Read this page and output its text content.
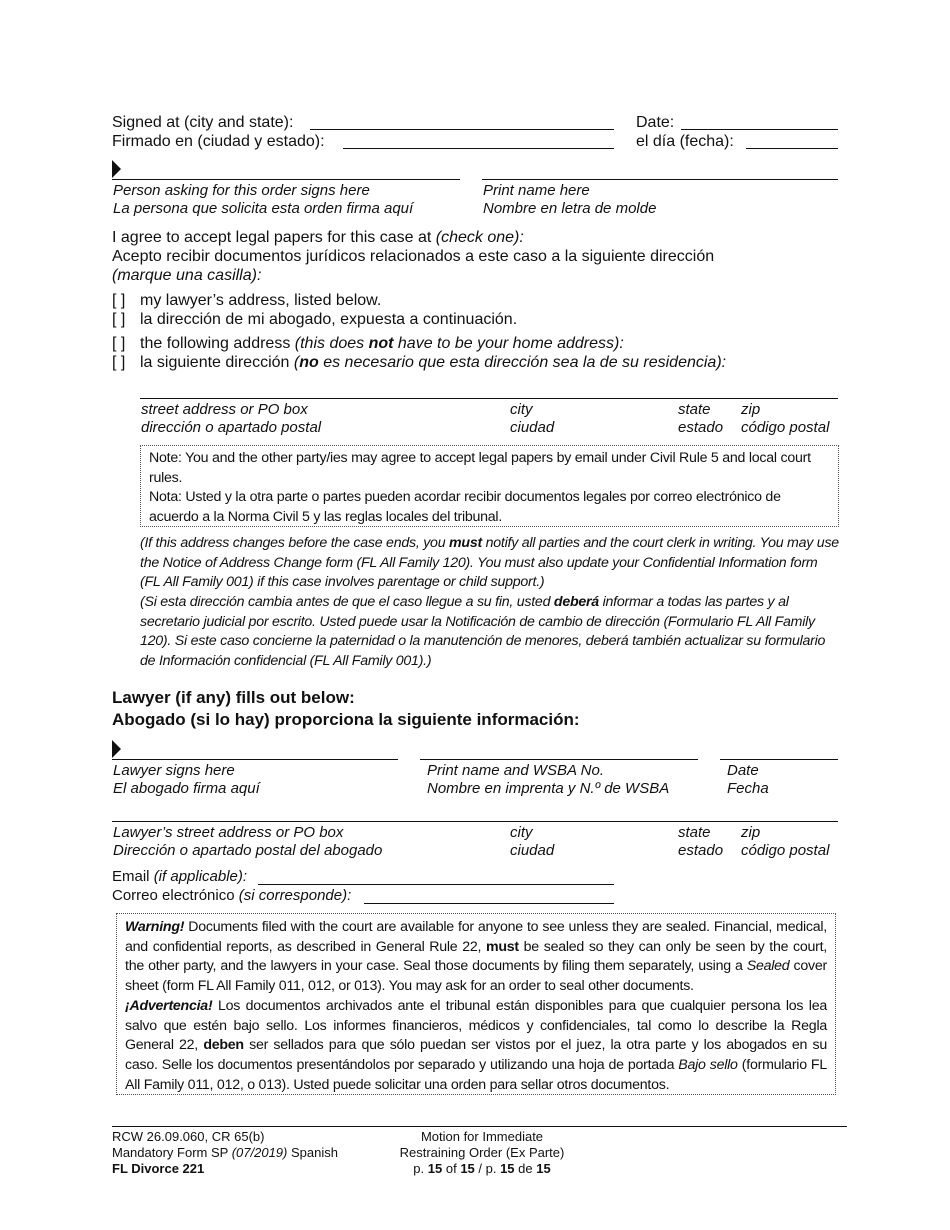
Signed at (city and state):
Firmado en (ciudad y estado):
Date:
el día (fecha):
Person asking for this order signs here
La persona que solicita esta orden firma aquí
Print name here
Nombre en letra de molde
I agree to accept legal papers for this case at (check one):
Acepto recibir documentos jurídicos relacionados a este caso a la siguiente dirección
(marque una casilla):
[ ] my lawyer’s address, listed below.
[ ] la dirección de mi abogado, expuesta a continuación.
[ ] the following address (this does not have to be your home address):
[ ] la siguiente dirección (no es necesario que esta dirección sea la de su residencia):
street address or PO box
dirección o apartado postal
city
ciudad
state
estado
zip
código postal
Note: You and the other party/ies may agree to accept legal papers by email under Civil Rule 5 and local court rules.
Nota: Usted y la otra parte o partes pueden acordar recibir documentos legales por correo electrónico de acuerdo a la Norma Civil 5 y las reglas locales del tribunal.
(If this address changes before the case ends, you must notify all parties and the court clerk in writing. You may use the Notice of Address Change form (FL All Family 120). You must also update your Confidential Information form (FL All Family 001) if this case involves parentage or child support.)
(Si esta dirección cambia antes de que el caso llegue a su fin, usted deberá informar a todas las partes y al secretario judicial por escrito. Usted puede usar la Notificación de cambio de dirección (Formulario FL All Family 120). Si este caso concierne la paternidad o la manutención de menores, deberá también actualizar su formulario de Información confidencial (FL All Family 001).)
Lawyer (if any) fills out below:
Abogado (si lo hay) proporciona la siguiente información:
Lawyer signs here
El abogado firma aquí
Print name and WSBA No.
Nombre en imprenta y N.º de WSBA
Date
Fecha
Lawyer’s street address or PO box
Dirección o apartado postal del abogado
city
ciudad
state
estado
zip
código postal
Email (if applicable):
Correo electrónico (si corresponde):
Warning! Documents filed with the court are available for anyone to see unless they are sealed. Financial, medical, and confidential reports, as described in General Rule 22, must be sealed so they can only be seen by the court, the other party, and the lawyers in your case. Seal those documents by filing them separately, using a Sealed cover sheet (form FL All Family 011, 012, or 013). You may ask for an order to seal other documents.
¡Advertencia! Los documentos archivados ante el tribunal están disponibles para que cualquier persona los lea salvo que estén bajo sello. Los informes financieros, médicos y confidenciales, tal como lo describe la Regla General 22, deben ser sellados para que sólo puedan ser vistos por el juez, la otra parte y los abogados en su caso. Selle los documentos presentándolos por separado y utilizando una hoja de portada Bajo sello (formulario FL All Family 011, 012, o 013). Usted puede solicitar una orden para sellar otros documentos.
RCW 26.09.060, CR 65(b)
Mandatory Form SP (07/2019) Spanish
FL Divorce 221
Motion for Immediate
Restraining Order (Ex Parte)
p. 15 of 15 / p. 15 de 15
